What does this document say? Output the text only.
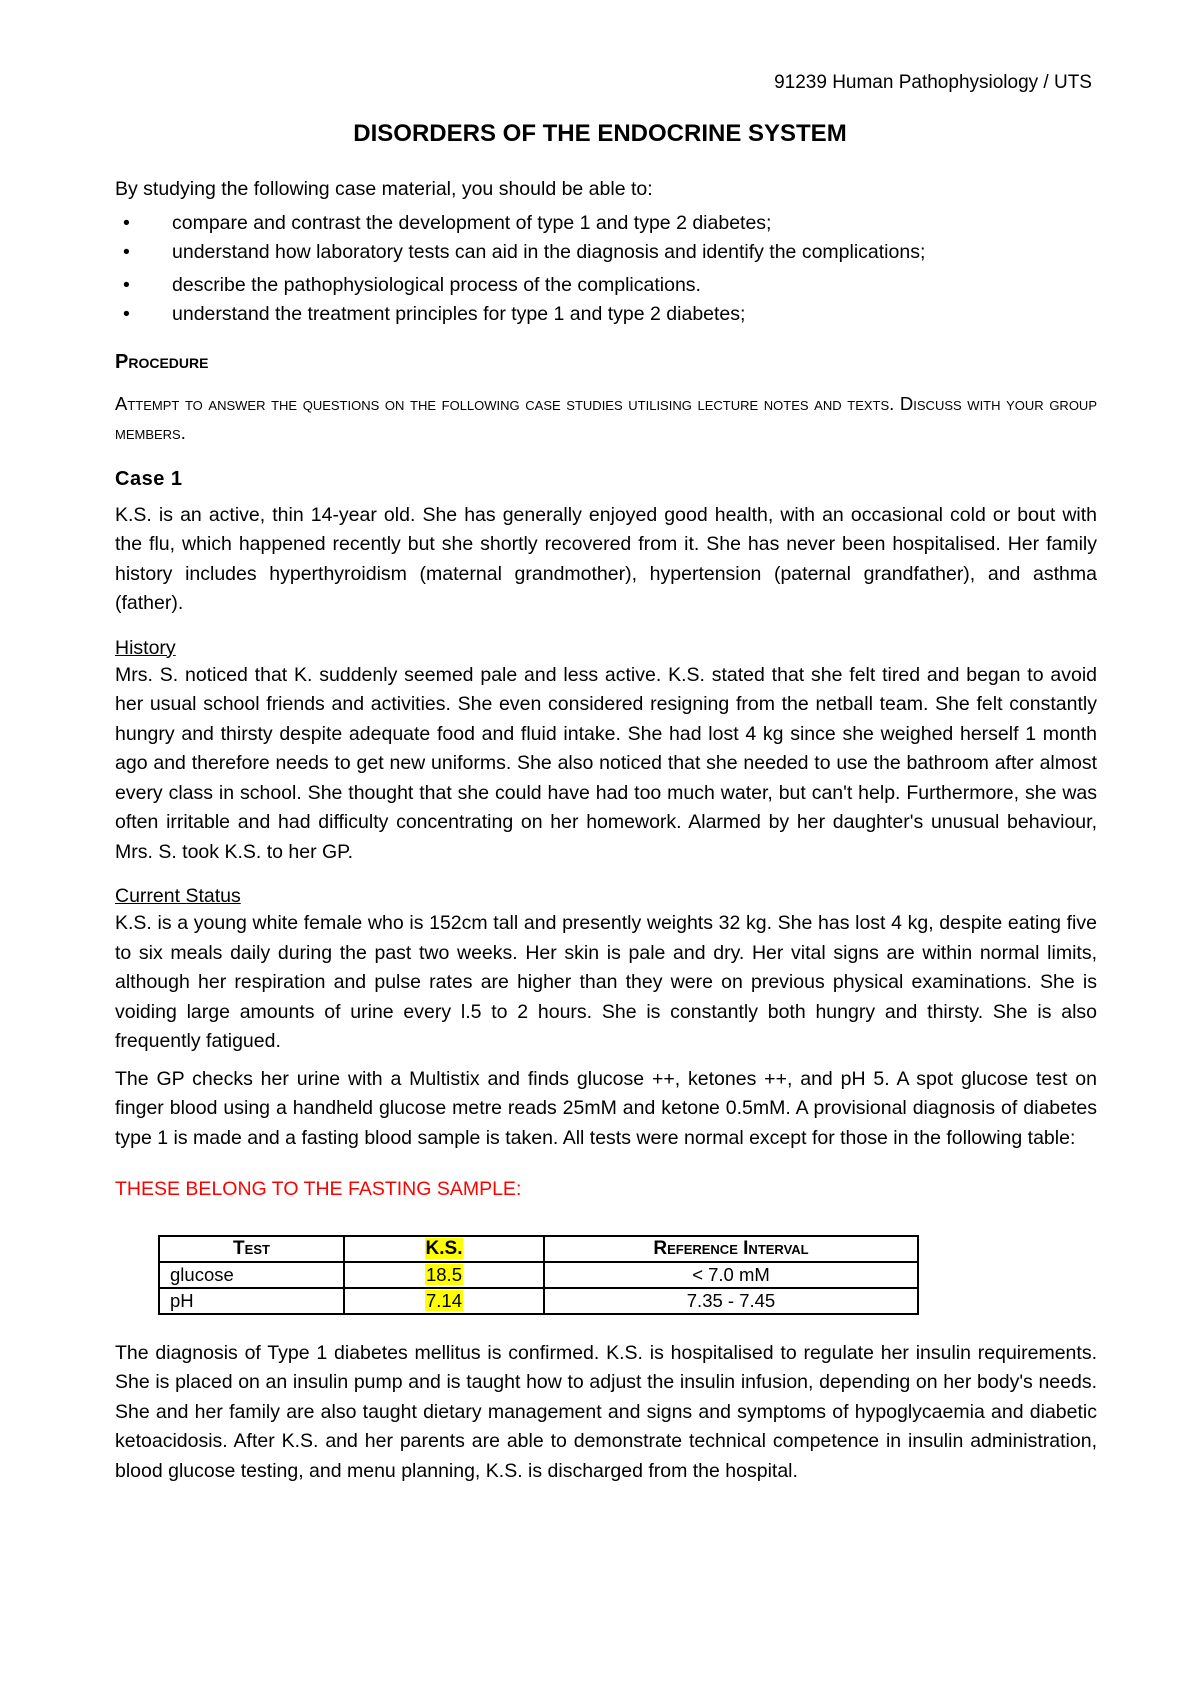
91239 Human Pathophysiology / UTS
DISORDERS OF THE ENDOCRINE SYSTEM

By studying the following case material, you should be able to:

• compare and contrast the development of type 1 and type 2 diabetes;
• understand how laboratory tests can aid in the diagnosis and identify the complications;
• describe the pathophysiological process of the complications.
• understand the treatment principles for type 1 and type 2 diabetes;

Procedure

Attempt to answer the questions on the following case studies utilising lecture notes and texts. Discuss with your group members.

Case 1

K.S. is an active, thin 14-year old. She has generally enjoyed good health, with an occasional cold or bout with the flu, which happened recently but she shortly recovered from it. She has never been hospitalised. Her family history includes hyperthyroidism (maternal grandmother), hypertension (paternal grandfather), and asthma (father).

History

Mrs. S. noticed that K. suddenly seemed pale and less active. K.S. stated that she felt tired and began to avoid her usual school friends and activities. She even considered resigning from the netball team. She felt constantly hungry and thirsty despite adequate food and fluid intake. She had lost 4 kg since she weighed herself 1 month ago and therefore needs to get new uniforms. She also noticed that she needed to use the bathroom after almost every class in school. She thought that she could have had too much water, but can't help. Furthermore, she was often irritable and had difficulty concentrating on her homework. Alarmed by her daughter's unusual behaviour, Mrs. S. took K.S. to her GP.

Current Status

K.S. is a young white female who is 152cm tall and presently weights 32 kg. She has lost 4 kg, despite eating five to six meals daily during the past two weeks. Her skin is pale and dry. Her vital signs are within normal limits, although her respiration and pulse rates are higher than they were on previous physical examinations. She is voiding large amounts of urine every l.5 to 2 hours. She is constantly both hungry and thirsty. She is also frequently fatigued.

The GP checks her urine with a Multistix and finds glucose ++, ketones ++, and pH 5. A spot glucose test on finger blood using a handheld glucose metre reads 25mM and ketone 0.5mM. A provisional diagnosis of diabetes type 1 is made and a fasting blood sample is taken. All tests were normal except for those in the following table:

THESE BELONG TO THE FASTING SAMPLE:

Test	K.S.	Reference Interval
glucose	18.5	< 7.0 mM
pH	7.14	7.35 - 7.45

The diagnosis of Type 1 diabetes mellitus is confirmed. K.S. is hospitalised to regulate her insulin requirements. She is placed on an insulin pump and is taught how to adjust the insulin infusion, depending on her body's needs. She and her family are also taught dietary management and signs and symptoms of hypoglycaemia and diabetic ketoacidosis. After K.S. and her parents are able to demonstrate technical competence in insulin administration, blood glucose testing, and menu planning, K.S. is discharged from the hospital.
